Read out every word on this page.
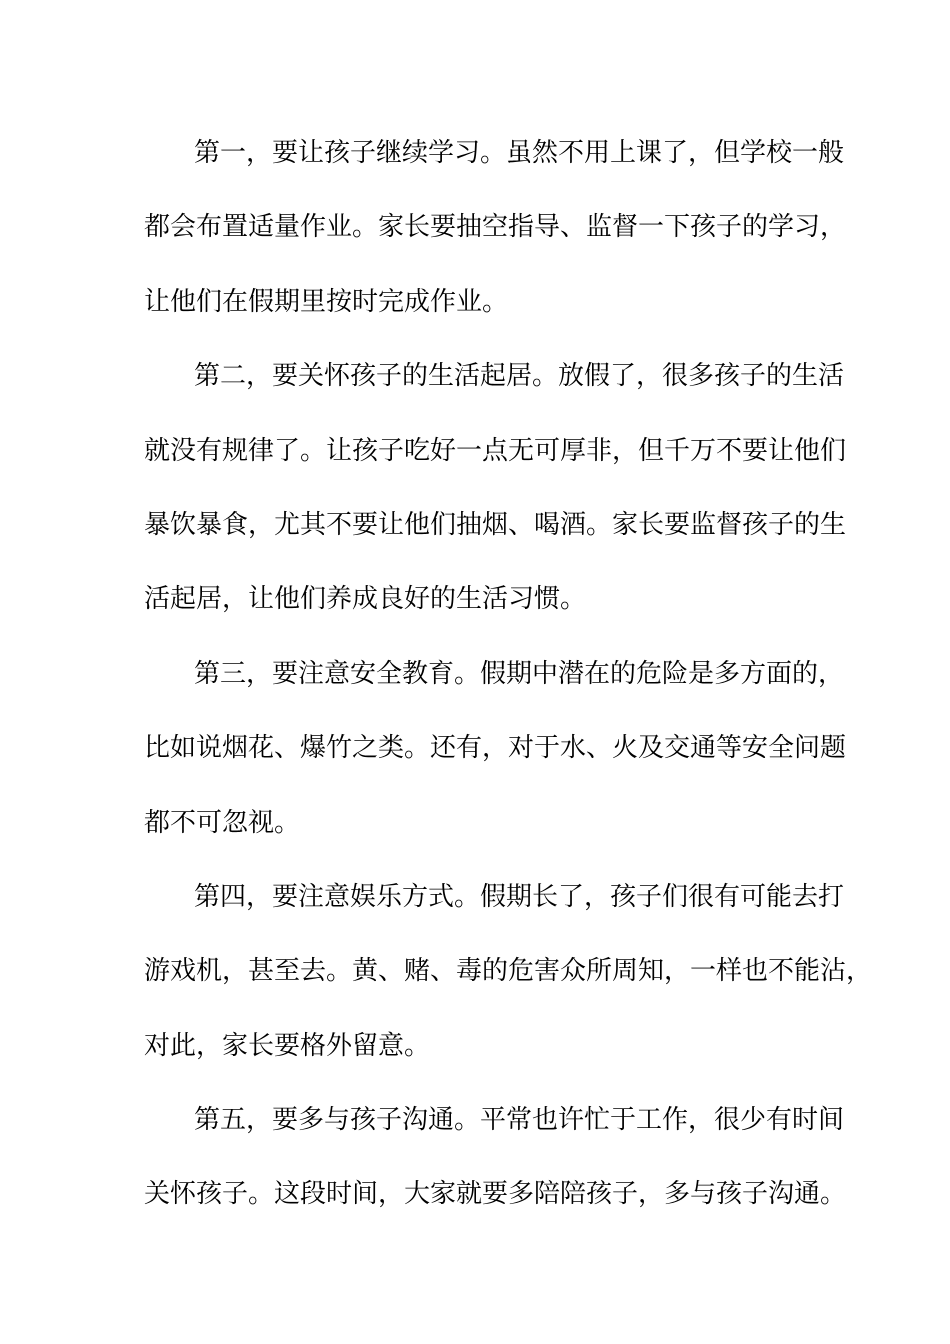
第一，要让孩子继续学习。虽然不用上课了，但学校一般
都会布置适量作业。家长要抽空指导、监督一下孩子的学习，
让他们在假期里按时完成作业。
第二，要关怀孩子的生活起居。放假了，很多孩子的生活
就没有规律了。让孩子吃好一点无可厚非，但千万不要让他们
暴饮暴食，尤其不要让他们抽烟、喝酒。家长要监督孩子的生
活起居，让他们养成良好的生活习惯。
第三，要注意安全教育。假期中潜在的危险是多方面的，
比如说烟花、爆竹之类。还有，对于水、火及交通等安全问题
都不可忽视。
第四，要注意娱乐方式。假期长了，孩子们很有可能去打
游戏机，甚至去。黄、赌、毒的危害众所周知，一样也不能沾，
对此，家长要格外留意。
第五，要多与孩子沟通。平常也许忙于工作，很少有时间
关怀孩子。这段时间，大家就要多陪陪孩子，多与孩子沟通。
